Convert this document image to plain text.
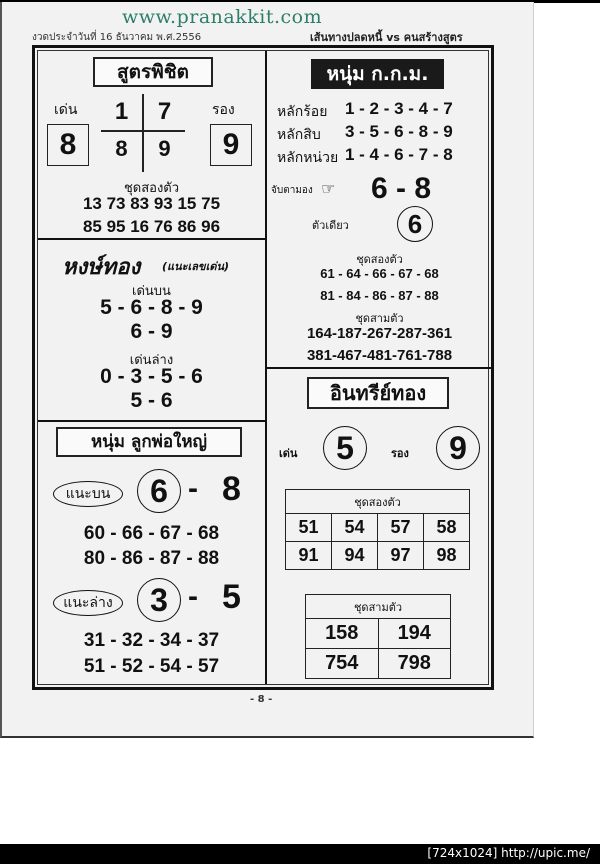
www.pranakkit.com
งวดประจำวันที่ 16 ธันวาคม พ.ศ.2556	เส้นทางปลดหนี้ vs คนสร้างสูตร
สูตรพิชิต
เด่น	รอง
8	9
1	7
8	9
ชุดสองตัว
13 73 83 93 15 75
85 95 16 76 86 96
หงษ์ทอง (แนะเลขเด่น)
เด่นบน
5 - 6 - 8 - 9
6 - 9
เด่นล่าง
0 - 3 - 5 - 6
5 - 6
หนุ่ม ลูกพ่อใหญ่
แนะบน	6 - 8
60 - 66 - 67 - 68
80 - 86 - 87 - 88
แนะล่าง	3 - 5
31 - 32 - 34 - 37
51 - 52 - 54 - 57
หนุ่ม ก.ก.ม.
หลักร้อย 1 - 2 - 3 - 4 - 7
หลักสิบ 3 - 5 - 6 - 8 - 9
หลักหน่วย 1 - 4 - 6 - 7 - 8
จับตามอง ☞ 6 - 8
ตัวเดียว	6
ชุดสองตัว
61 - 64 - 66 - 67 - 68
81 - 84 - 86 - 87 - 88
ชุดสามตัว
164-187-267-287-361
381-467-481-761-788
อินทรีย์ทอง
เด่น	5	รอง	9
ชุดสองตัว			
51	54	57	58
91	94	97	98
ชุดสามตัว	
158	194
754	798
- 8 -
[724x1024] http://upic.me/
